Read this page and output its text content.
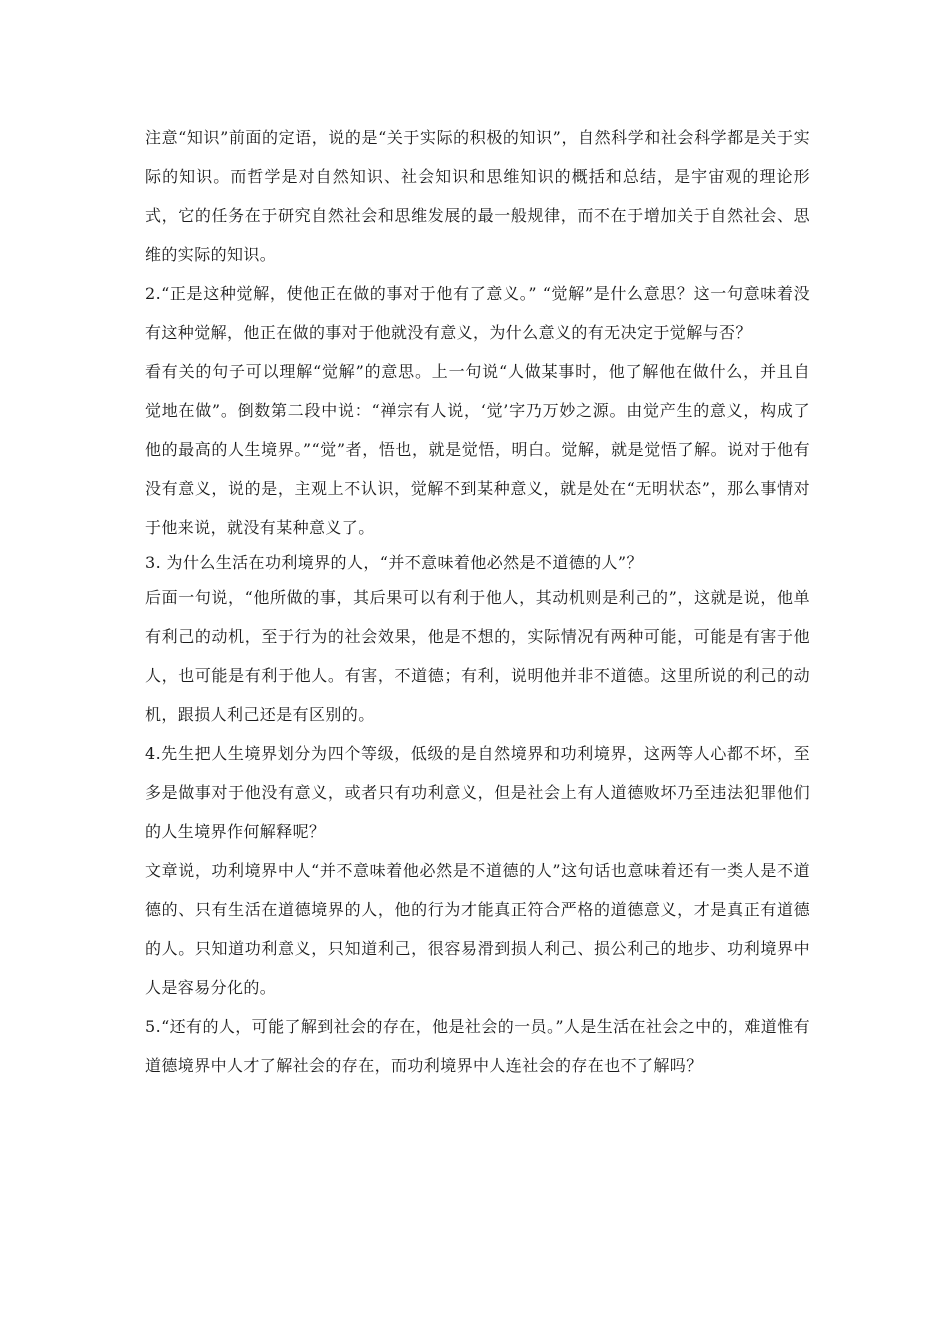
注意“知识”前面的定语，说的是“关于实际的积极的知识”，自然科学和社会科学都是关于实际的知识。而哲学是对自然知识、社会知识和思维知识的概括和总结，是宇宙观的理论形式，它的任务在于研究自然社会和思维发展的最一般规律，而不在于增加关于自然社会、思维的实际的知识。

2.“正是这种觉解，使他正在做的事对于他有了意义。” “觉解”是什么意思？这一句意味着没有这种觉解，他正在做的事对于他就没有意义，为什么意义的有无决定于觉解与否？

看有关的句子可以理解“觉解”的意思。上一句说“人做某事时，他了解他在做什么，并且自觉地在做”。倒数第二段中说：“禅宗有人说，‘觉’字乃万妙之源。由觉产生的意义，构成了他的最高的人生境界。”“觉”者，悟也，就是觉悟，明白。觉解，就是觉悟了解。说对于他有没有意义，说的是，主观上不认识，觉解不到某种意义，就是处在“无明状态”，那么事情对于他来说，就没有某种意义了。

3. 为什么生活在功利境界的人，“并不意味着他必然是不道德的人”？

后面一句说，“他所做的事，其后果可以有利于他人，其动机则是利己的”，这就是说，他单有利己的动机，至于行为的社会效果，他是不想的，实际情况有两种可能，可能是有害于他人，也可能是有利于他人。有害，不道德；有利，说明他并非不道德。这里所说的利己的动机，跟损人利己还是有区别的。

4.先生把人生境界划分为四个等级，低级的是自然境界和功利境界，这两等人心都不坏，至多是做事对于他没有意义，或者只有功利意义，但是社会上有人道德败坏乃至违法犯罪他们的人生境界作何解释呢？

文章说，功利境界中人“并不意味着他必然是不道德的人”这句话也意味着还有一类人是不道德的、只有生活在道德境界的人，他的行为才能真正符合严格的道德意义，才是真正有道德的人。只知道功利意义，只知道利己，很容易滑到损人利己、损公利己的地步、功利境界中人是容易分化的。

5.“还有的人，可能了解到社会的存在，他是社会的一员。”人是生活在社会之中的，难道惟有道德境界中人才了解社会的存在，而功利境界中人连社会的存在也不了解吗？
